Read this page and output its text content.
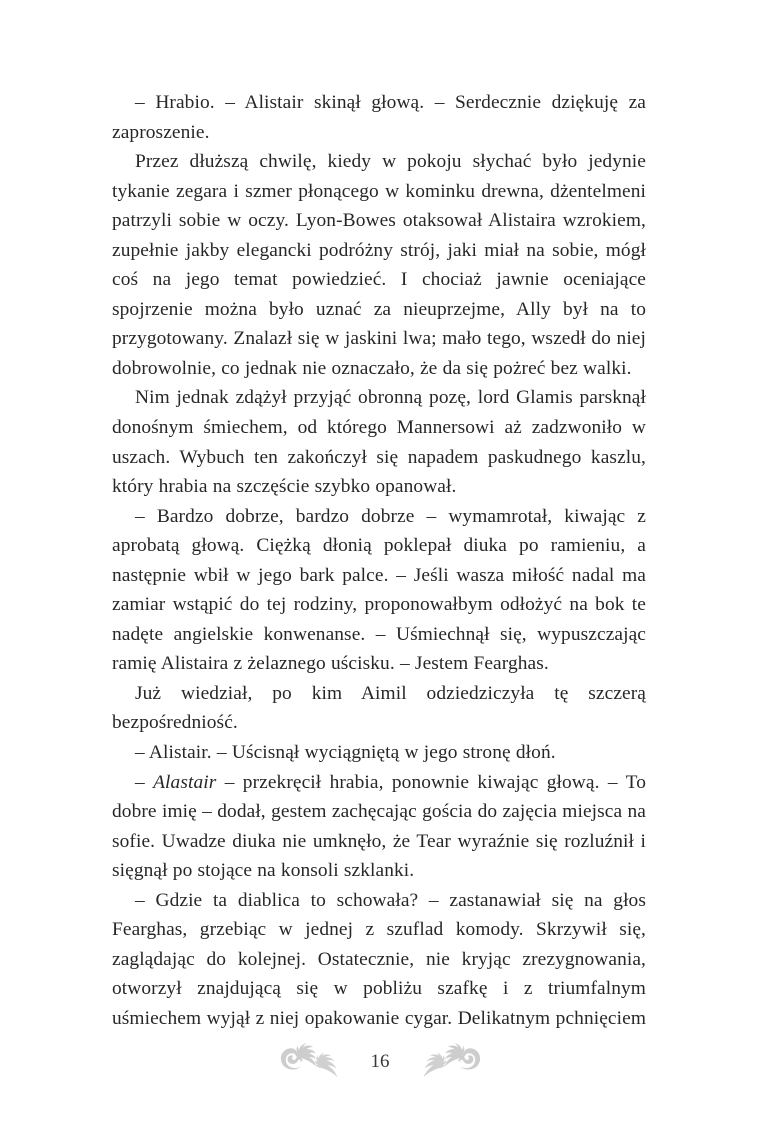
– Hrabio. – Alistair skinął głową. – Serdecznie dziękuję za zaproszenie.

Przez dłuższą chwilę, kiedy w pokoju słychać było jedynie tykanie zegara i szmer płonącego w kominku drewna, dżentelmeni patrzyli sobie w oczy. Lyon-Bowes otaksował Alistaira wzrokiem, zupełnie jakby elegancki podróżny strój, jaki miał na sobie, mógł coś na jego temat powiedzieć. I chociaż jawnie oceniające spojrzenie można było uznać za nieuprzejme, Ally był na to przygotowany. Znalazł się w jaskini lwa; mało tego, wszedł do niej dobrowolnie, co jednak nie oznaczało, że da się pożreć bez walki.

Nim jednak zdążył przyjąć obronną pozę, lord Glamis parsknął donośnym śmiechem, od którego Mannersowi aż zadzwoniło w uszach. Wybuch ten zakończył się napadem paskudnego kaszlu, który hrabia na szczęście szybko opanował.

– Bardzo dobrze, bardzo dobrze – wymamrotał, kiwając z aprobatą głową. Ciężką dłonią poklepał diuka po ramieniu, a następnie wbił w jego bark palce. – Jeśli wasza miłość nadal ma zamiar wstąpić do tej rodziny, proponowałbym odłożyć na bok te nadęte angielskie konwenanse. – Uśmiechnął się, wypuszczając ramię Alistaira z żelaznego uścisku. – Jestem Fearghas.

Już wiedział, po kim Aimil odziedziczyła tę szczerą bezpośredniość.

– Alistair. – Uścisnął wyciągniętą w jego stronę dłoń.

– Alastair – przekręcił hrabia, ponownie kiwając głową. – To dobre imię – dodał, gestem zachęcając gościa do zajęcia miejsca na sofie. Uwadze diuka nie umknęło, że Tear wyraźnie się rozluźnił i sięgnął po stojące na konsoli szklanki.

– Gdzie ta diablica to schowała? – zastanawiał się na głos Fearghas, grzebiąc w jednej z szuflad komody. Skrzywił się, zaglądając do kolejnej. Ostatecznie, nie kryjąc zrezygnowania, otworzył znajdującą się w pobliżu szafkę i z triumfalnym uśmiechem wyjął z niej opakowanie cygar. Delikatnym pchnięciem

16
